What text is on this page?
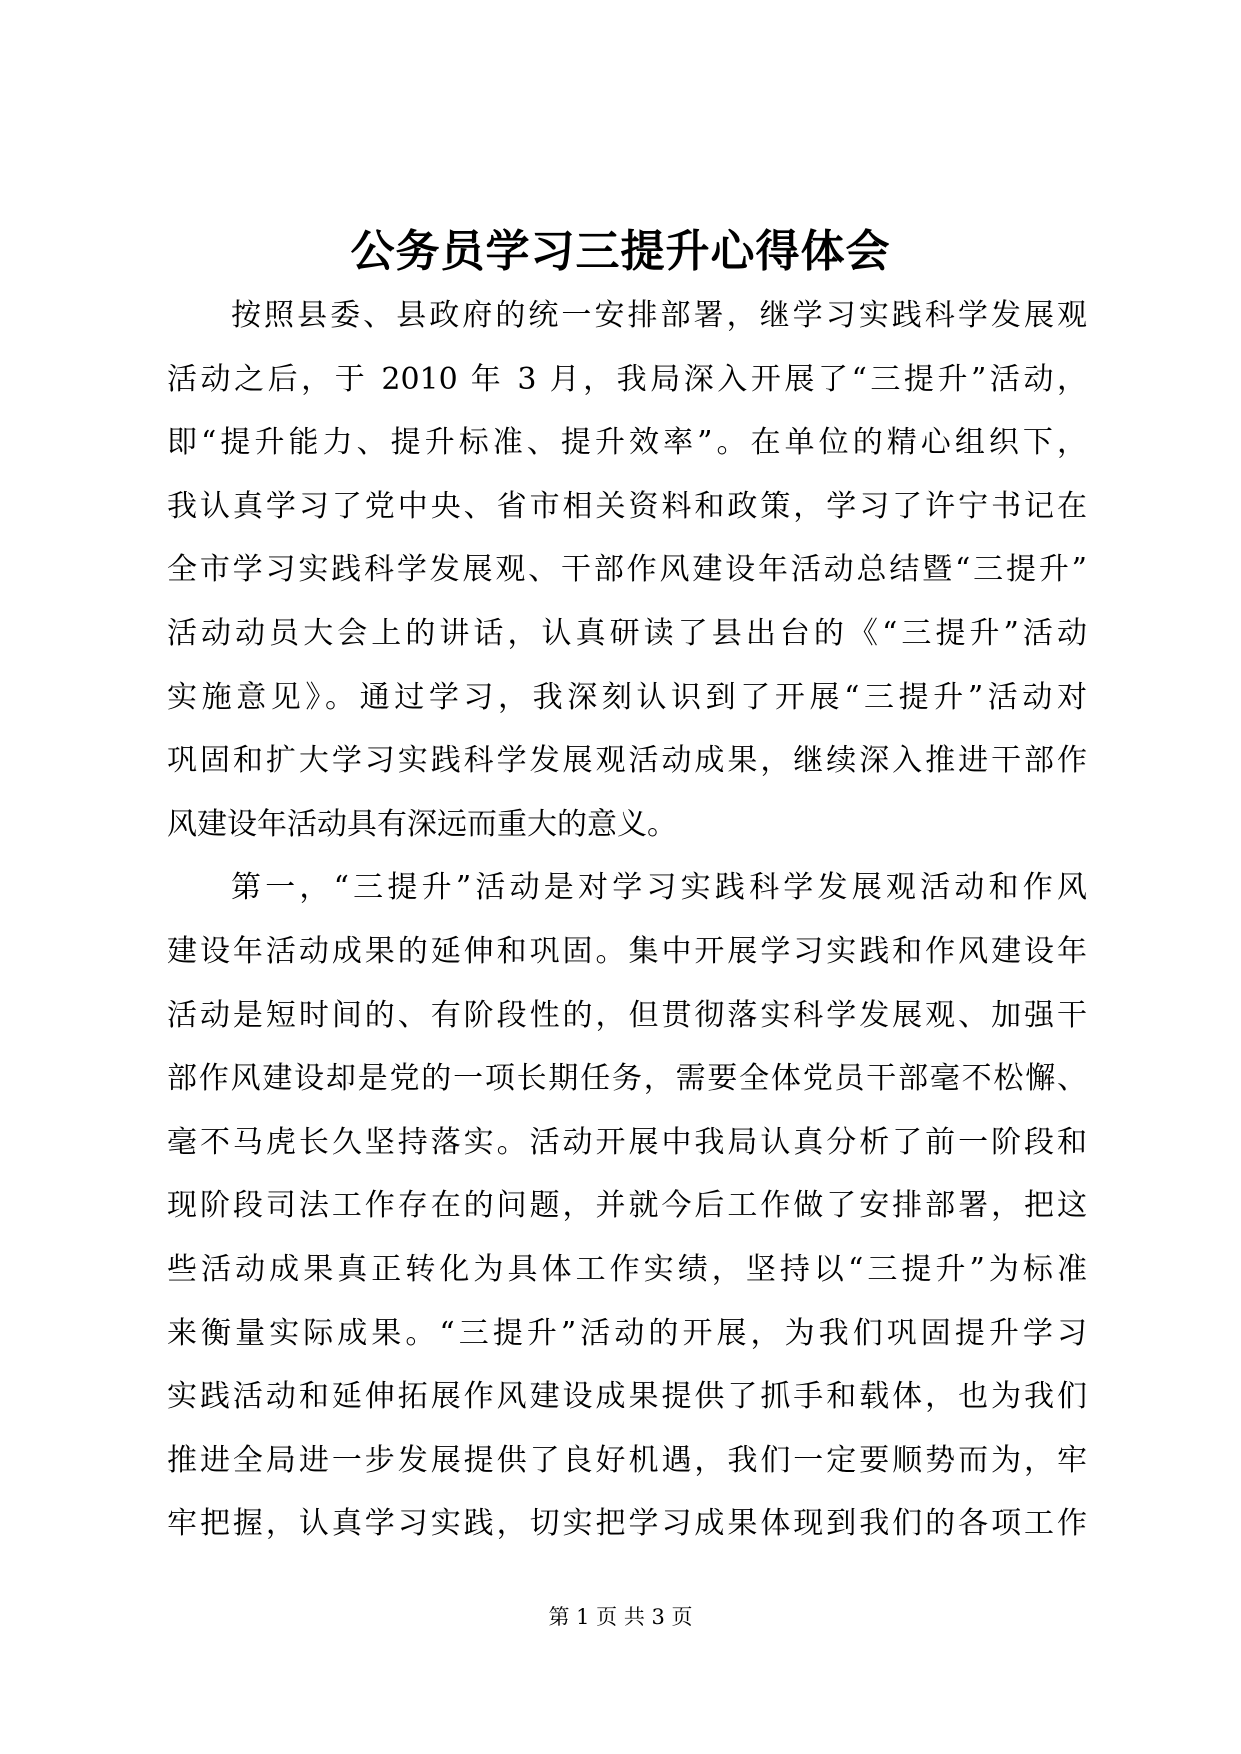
公务员学习三提升心得体会
按照县委、县政府的统一安排部署，继学习实践科学发展观
活动之后，于 2010 年 3 月，我局深入开展了“三提升”活动，
即“提升能力、提升标准、提升效率”。在单位的精心组织下，
我认真学习了党中央、省市相关资料和政策，学习了许宁书记在
全市学习实践科学发展观、干部作风建设年活动总结暨“三提升”
活动动员大会上的讲话，认真研读了县出台的《“三提升”活动
实施意见》。通过学习，我深刻认识到了开展“三提升”活动对
巩固和扩大学习实践科学发展观活动成果，继续深入推进干部作
风建设年活动具有深远而重大的意义。
第一，“三提升”活动是对学习实践科学发展观活动和作风
建设年活动成果的延伸和巩固。集中开展学习实践和作风建设年
活动是短时间的、有阶段性的，但贯彻落实科学发展观、加强干
部作风建设却是党的一项长期任务，需要全体党员干部毫不松懈、
毫不马虎长久坚持落实。活动开展中我局认真分析了前一阶段和
现阶段司法工作存在的问题，并就今后工作做了安排部署，把这
些活动成果真正转化为具体工作实绩，坚持以“三提升”为标准
来衡量实际成果。“三提升”活动的开展，为我们巩固提升学习
实践活动和延伸拓展作风建设成果提供了抓手和载体，也为我们
推进全局进一步发展提供了良好机遇，我们一定要顺势而为，牢
牢把握，认真学习实践，切实把学习成果体现到我们的各项工作
第 1 页 共 3 页
